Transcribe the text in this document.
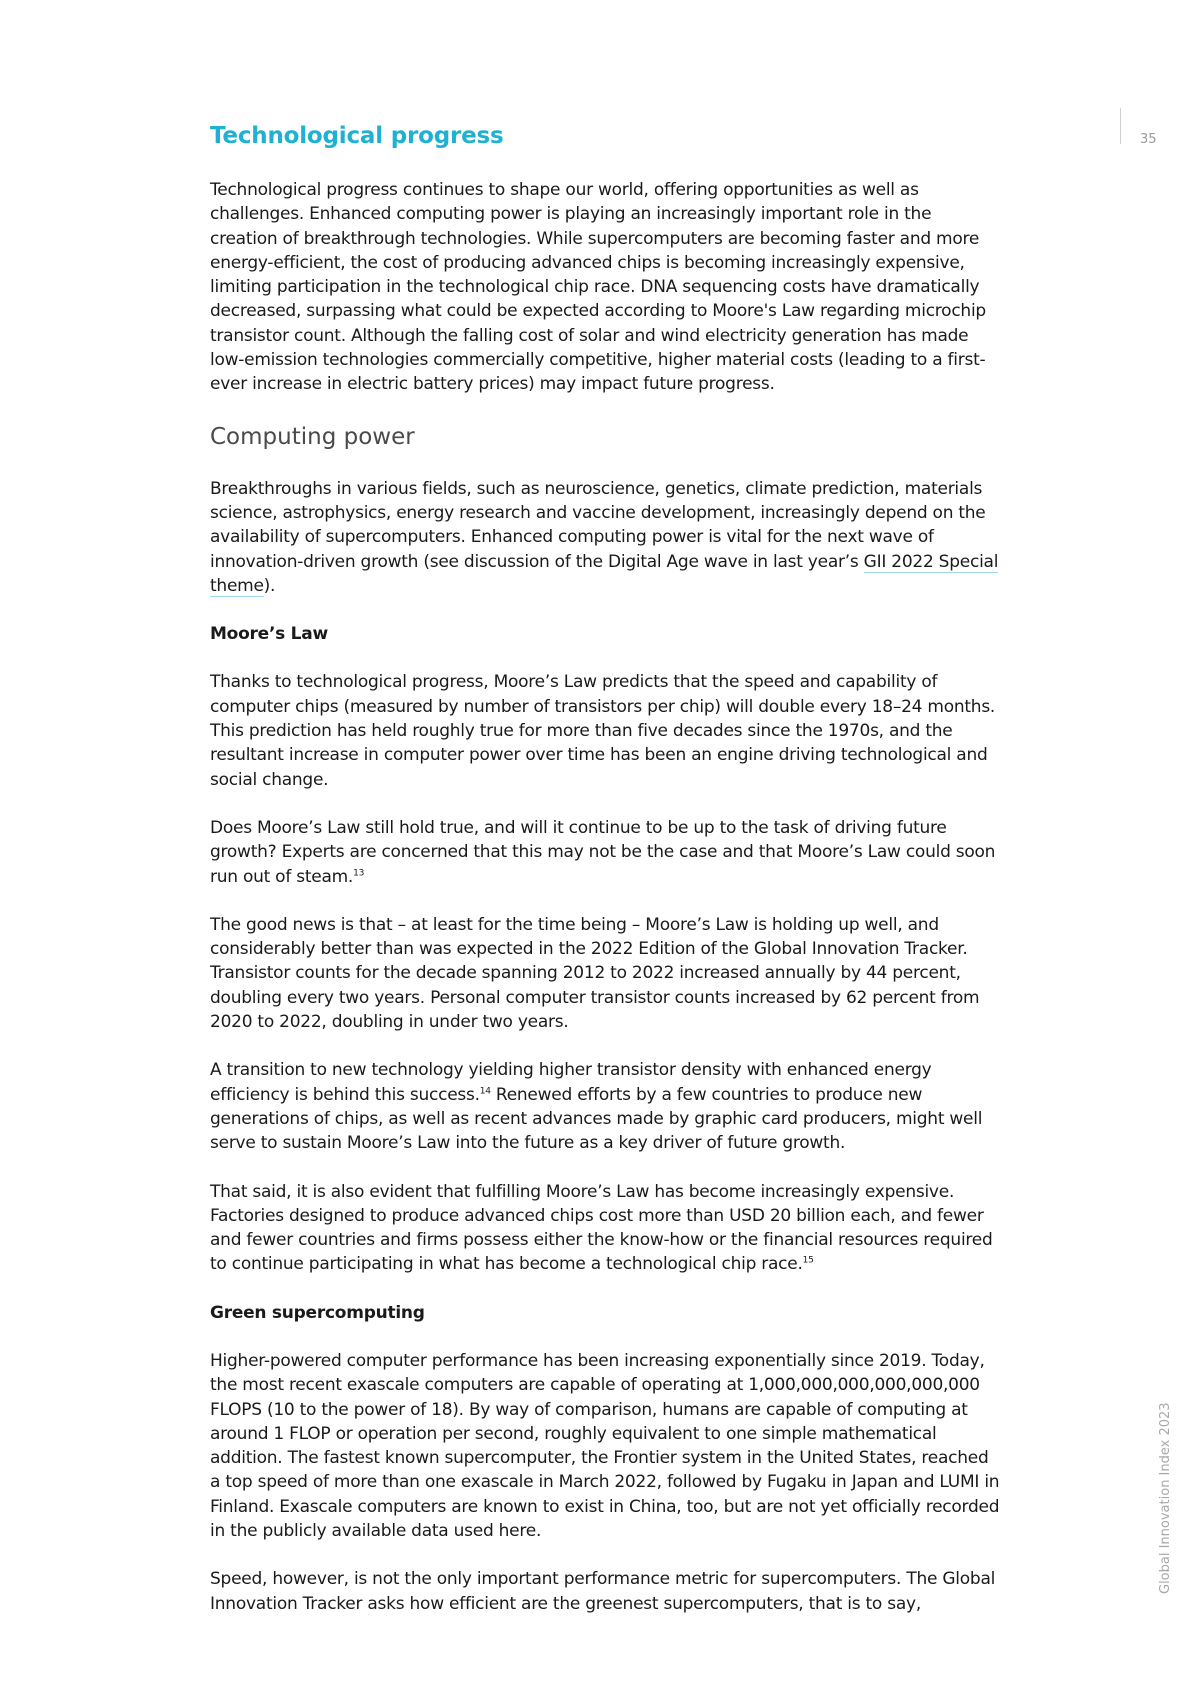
35
Global Innovation Index 2023
Technological progress

Technological progress continues to shape our world, offering opportunities as well as challenges. Enhanced computing power is playing an increasingly important role in the creation of breakthrough technologies. While supercomputers are becoming faster and more energy-efficient, the cost of producing advanced chips is becoming increasingly expensive, limiting participation in the technological chip race. DNA sequencing costs have dramatically decreased, surpassing what could be expected according to Moore's Law regarding microchip transistor count. Although the falling cost of solar and wind electricity generation has made low-emission technologies commercially competitive, higher material costs (leading to a first-ever increase in electric battery prices) may impact future progress.

Computing power

Breakthroughs in various fields, such as neuroscience, genetics, climate prediction, materials science, astrophysics, energy research and vaccine development, increasingly depend on the availability of supercomputers. Enhanced computing power is vital for the next wave of innovation-driven growth (see discussion of the Digital Age wave in last year’s GII 2022 Special theme).

Moore’s Law

Thanks to technological progress, Moore’s Law predicts that the speed and capability of computer chips (measured by number of transistors per chip) will double every 18–24 months. This prediction has held roughly true for more than five decades since the 1970s, and the resultant increase in computer power over time has been an engine driving technological and social change.

Does Moore’s Law still hold true, and will it continue to be up to the task of driving future growth? Experts are concerned that this may not be the case and that Moore’s Law could soon run out of steam.$^{13}$

The good news is that – at least for the time being – Moore’s Law is holding up well, and considerably better than was expected in the 2022 Edition of the Global Innovation Tracker. Transistor counts for the decade spanning 2012 to 2022 increased annually by 44 percent, doubling every two years. Personal computer transistor counts increased by 62 percent from 2020 to 2022, doubling in under two years.

A transition to new technology yielding higher transistor density with enhanced energy efficiency is behind this success.$^{14}$ Renewed efforts by a few countries to produce new generations of chips, as well as recent advances made by graphic card producers, might well serve to sustain Moore’s Law into the future as a key driver of future growth.

That said, it is also evident that fulfilling Moore’s Law has become increasingly expensive. Factories designed to produce advanced chips cost more than USD 20 billion each, and fewer and fewer countries and firms possess either the know-how or the financial resources required to continue participating in what has become a technological chip race.$^{15}$

Green supercomputing

Higher-powered computer performance has been increasing exponentially since 2019. Today, the most recent exascale computers are capable of operating at 1,000,000,000,000,000,000 FLOPS (10 to the power of 18). By way of comparison, humans are capable of computing at around 1 FLOP or operation per second, roughly equivalent to one simple mathematical addition. The fastest known supercomputer, the Frontier system in the United States, reached a top speed of more than one exascale in March 2022, followed by Fugaku in Japan and LUMI in Finland. Exascale computers are known to exist in China, too, but are not yet officially recorded in the publicly available data used here.

Speed, however, is not the only important performance metric for supercomputers. The Global Innovation Tracker asks how efficient are the greenest supercomputers, that is to say,
